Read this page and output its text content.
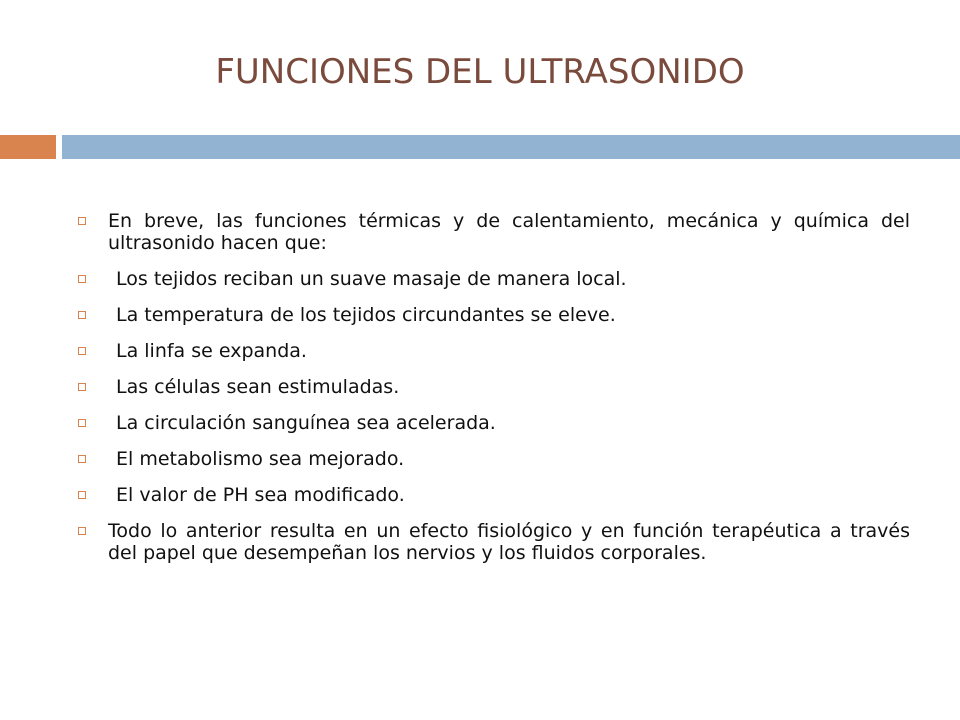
FUNCIONES DEL ULTRASONIDO
En breve, las funciones térmicas y de calentamiento, mecánica y química del ultrasonido hacen que:
Los tejidos reciban un suave masaje de manera local.
La temperatura de los tejidos circundantes se eleve.
La linfa se expanda.
Las células sean estimuladas.
La circulación sanguínea sea acelerada.
El metabolismo sea mejorado.
El valor de PH sea modificado.
Todo lo anterior resulta en un efecto fisiológico y en función terapéutica a través del papel que desempeñan los nervios y los fluidos corporales.
